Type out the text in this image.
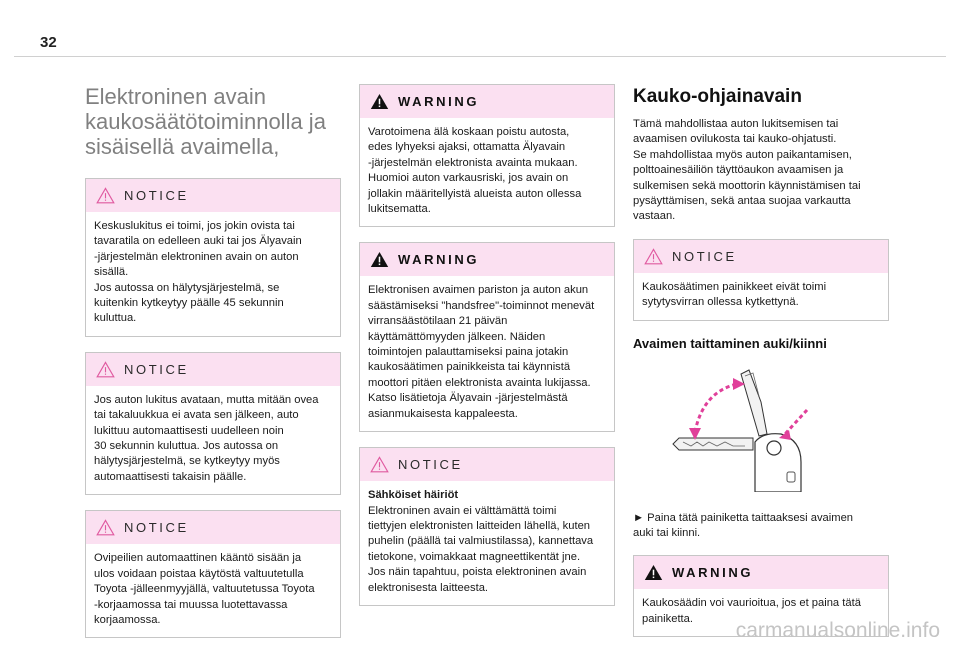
32
Elektroninen avain
kaukosäätötoiminnolla ja
sisäisellä avaimella,
NOTICE
Keskuslukitus ei toimi, jos jokin ovista tai
tavaratila on edelleen auki tai jos Älyavain
-järjestelmän elektroninen avain on auton
sisällä.
Jos autossa on hälytysjärjestelmä, se
kuitenkin kytkeytyy päälle 45 sekunnin
kuluttua.
NOTICE
Jos auton lukitus avataan, mutta mitään ovea
tai takaluukkua ei avata sen jälkeen, auto
lukittuu automaattisesti uudelleen noin
30 sekunnin kuluttua. Jos autossa on
hälytysjärjestelmä, se kytkeytyy myös
automaattisesti takaisin päälle.
NOTICE
Ovipeilien automaattinen kääntö sisään ja
ulos voidaan poistaa käytöstä valtuutetulla
Toyota -jälleenmyyjällä, valtuutetussa Toyota
-korjaamossa tai muussa luotettavassa
korjaamossa.
WARNING
Varotoimena älä koskaan poistu autosta,
edes lyhyeksi ajaksi, ottamatta Älyavain
-järjestelmän elektronista avainta mukaan.
Huomioi auton varkausriski, jos avain on
jollakin määritellyistä alueista auton ollessa
lukitsematta.
WARNING
Elektronisen avaimen pariston ja auton akun
säästämiseksi "handsfree"-toiminnot menevät
virransäästötilaan 21 päivän
käyttämättömyyden jälkeen. Näiden
toimintojen palauttamiseksi paina jotakin
kaukosäätimen painikkeista tai käynnistä
moottori pitäen elektronista avainta lukijassa.
Katso lisätietoja Älyavain -järjestelmästä
asianmukaisesta kappaleesta.
NOTICE
Sähköiset häiriöt
Elektroninen avain ei välttämättä toimi
tiettyjen elektronisten laitteiden lähellä, kuten
puhelin (päällä tai valmiustilassa), kannettava
tietokone, voimakkaat magneettikentät jne.
Jos näin tapahtuu, poista elektroninen avain
elektronisesta laitteesta.
Kauko-ohjainavain

Tämä mahdollistaa auton lukitsemisen tai
avaamisen ovilukosta tai kauko-ohjatusti.
Se mahdollistaa myös auton paikantamisen,
polttoainesäiliön täyttöaukon avaamisen ja
sulkemisen sekä moottorin käynnistämisen tai
pysäyttämisen, sekä antaa suojaa varkautta
vastaan.

NOTICE
Kaukosäätimen painikkeet eivät toimi
sytytysvirran ollessa kytkettynä.
Avaimen taittaminen auki/kiinni

► Paina tätä painiketta taittaaksesi avaimen
auki tai kiinni.

WARNING
Kaukosäädin voi vaurioitua, jos et paina tätä
painiketta.
carmanualsonline.info
